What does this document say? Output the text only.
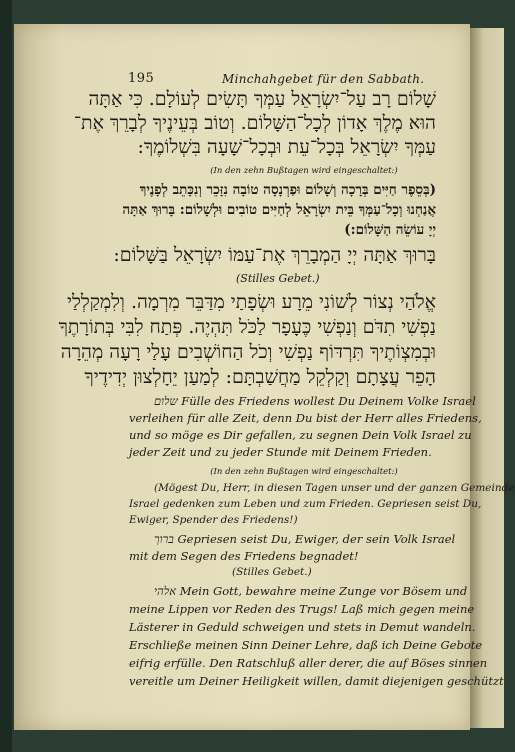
195	Minchahgebet für den Sabbath.
שָׁלוֹם רָב עַל־יִשְׂרָאֵל עַמְּךָ תָּשִׂים לְעוֹלָם. כִּי אַתָּה
הוּא מֶלֶךְ אָדוֹן לְכָל־הַשָּׁלוֹם. וְטוֹב בְּעֵינֶיךָ לְבָרֵךְ אֶת־
עַמְּךָ יִשְׂרָאֵל בְּכָל־עֵת וּבְכָל־שָׁעָה בִּשְׁלוֹמֶךָ:
(In den zehn Bußtagen wird eingeschaltet:)
(בְּסֵפֶר חַיִּים בְּרָכָה וְשָׁלוֹם וּפַרְנָסָה טוֹבָה נִזָּכֵר וְנִכָּתֵב לְפָנֶיךָ
אֲנַחְנוּ וְכָל־עַמְּךָ בֵּית יִשְׂרָאֵל לְחַיִּים טוֹבִים וּלְשָׁלוֹם: בָּרוּךְ אַתָּה
יְיָ עוֹשֵׂה הַשָּׁלוֹם:)
בָּרוּךְ אַתָּה יְיָ הַמְבָרֵךְ אֶת־עַמּוֹ יִשְׂרָאֵל בַּשָּׁלוֹם:
(Stilles Gebet.)
אֱלֹהַי נְצוֹר לְשׁוֹנִי מֵרָע וּשְׂפָתַי מִדַּבֵּר מִרְמָה. וְלִמְקַלְלַי
נַפְשִׁי תִדֹּם וְנַפְשִׁי כֶּעָפָר לַכֹּל תִּהְיֶה. פְּתַח לִבִּי בְּתוֹרָתֶךָ
וּבְמִצְוֹתֶיךָ תִּרְדּוֹף נַפְשִׁי וְכֹל הַחוֹשְׁבִים עָלַי רָעָה מְהֵרָה
הָפֵר עֲצָתָם וְקַלְקֵל מַחֲשַׁבְתָּם: לְמַעַן יֵחָלְצוּן יְדִידֶיךָ
שלום Fülle des Friedens wollest Du Deinem Volke Israel
verleihen für alle Zeit, denn Du bist der Herr alles Friedens,
und so möge es Dir gefallen, zu segnen Dein Volk Israel zu
jeder Zeit und zu jeder Stunde mit Deinem Frieden.
(In den zehn Bußtagen wird eingeschaltet:)
(Mögest Du, Herr, in diesen Tagen unser und der ganzen Gemeinde
Israel gedenken zum Leben und zum Frieden. Gepriesen seist Du,
Ewiger, Spender des Friedens!)
ברוך Gepriesen seist Du, Ewiger, der sein Volk Israel
mit dem Segen des Friedens begnadet!
(Stilles Gebet.)
אלהי Mein Gott, bewahre meine Zunge vor Bösem und
meine Lippen vor Reden des Trugs! Laß mich gegen meine
Lästerer in Geduld schweigen und stets in Demut wandeln.
Erschließe meinen Sinn Deiner Lehre, daß ich Deine Gebote
eifrig erfülle. Den Ratschluß aller derer, die auf Böses sinnen
vereitle um Deiner Heiligkeit willen, damit diejenigen geschützt
